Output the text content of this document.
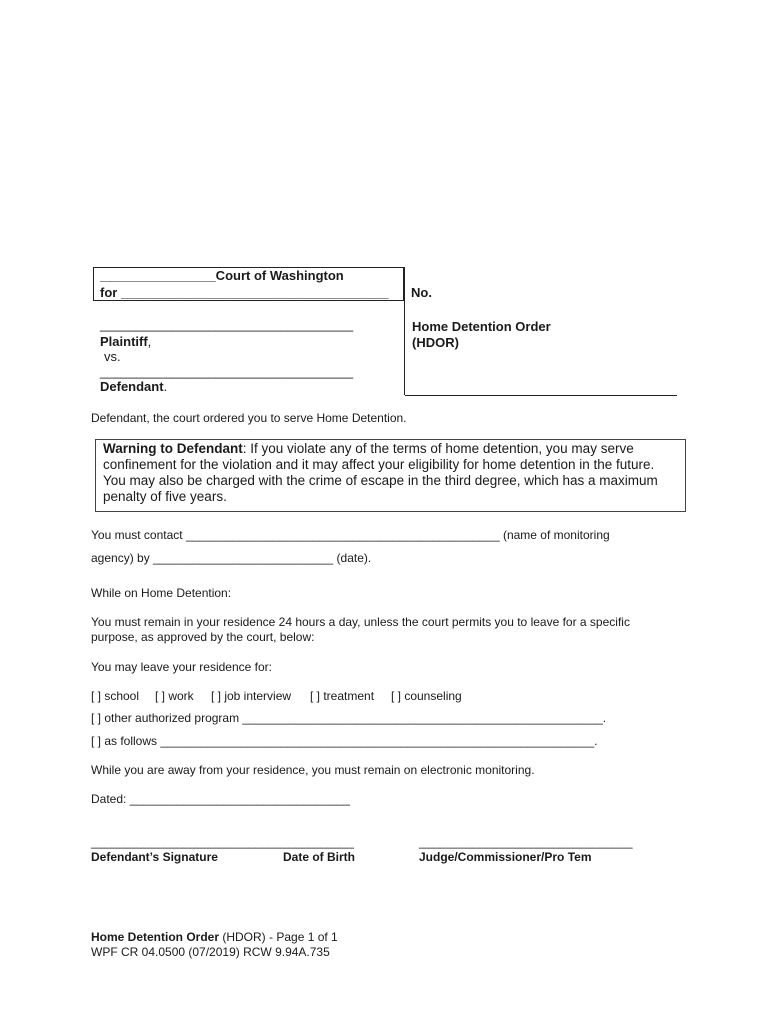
________________Court of Washington
for _____________________________________ No.
___________________________________
Plaintiff,
vs.
___________________________________
Defendant.
Home Detention Order
(HDOR)
Defendant, the court ordered you to serve Home Detention.
Warning to Defendant: If you violate any of the terms of home detention, you may serve confinement for the violation and it may affect your eligibility for home detention in the future. You may also be charged with the crime of escape in the third degree, which has a maximum penalty of five years.
You must contact _______________________________________________ (name of monitoring
agency) by ___________________________ (date).
While on Home Detention:
You must remain in your residence 24 hours a day, unless the court permits you to leave for a specific
purpose, as approved by the court, below:
You may leave your residence for:
[ ] school [ ] work [ ] job interview [ ] treatment [ ] counseling
[ ] other authorized program ______________________________________________________.
[ ] as follows _________________________________________________________________.
While you are away from your residence, you must remain on electronic monitoring.
Dated: _________________________________
________________________________________
Defendant’s Signature	Date of Birth
________________________________
Judge/Commissioner/Pro Tem
Home Detention Order (HDOR) - Page 1 of 1
WPF CR 04.0500 (07/2019) RCW 9.94A.735
